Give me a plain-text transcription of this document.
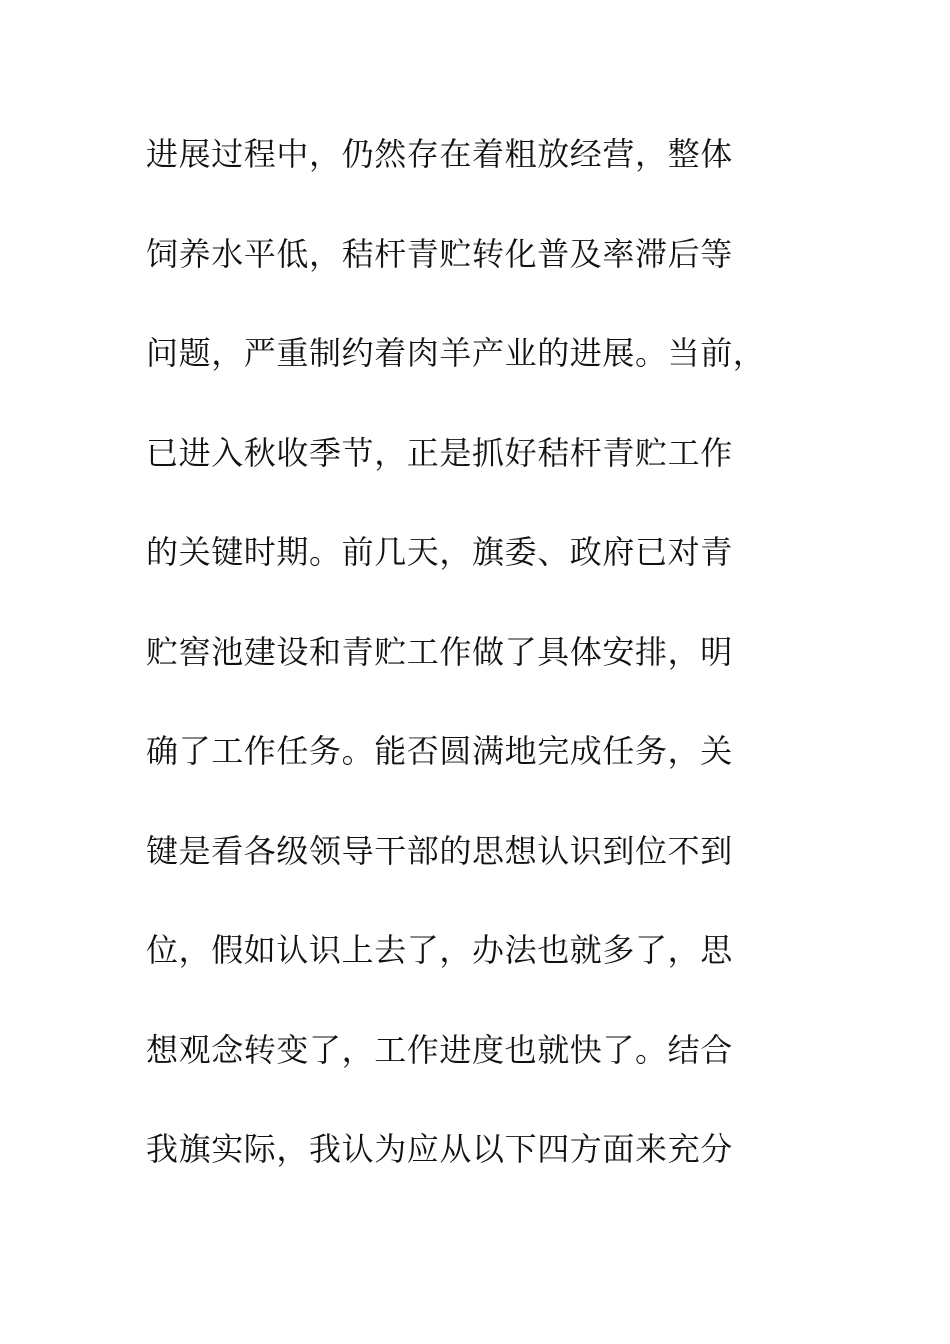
进展过程中，仍然存在着粗放经营，整体
饲养水平低，秸杆青贮转化普及率滞后等
问题，严重制约着肉羊产业的进展。当前，
已进入秋收季节，正是抓好秸杆青贮工作
的关键时期。前几天，旗委、政府已对青
贮窖池建设和青贮工作做了具体安排，明
确了工作任务。能否圆满地完成任务，关
键是看各级领导干部的思想认识到位不到
位，假如认识上去了，办法也就多了，思
想观念转变了，工作进度也就快了。结合
我旗实际，我认为应从以下四方面来充分
